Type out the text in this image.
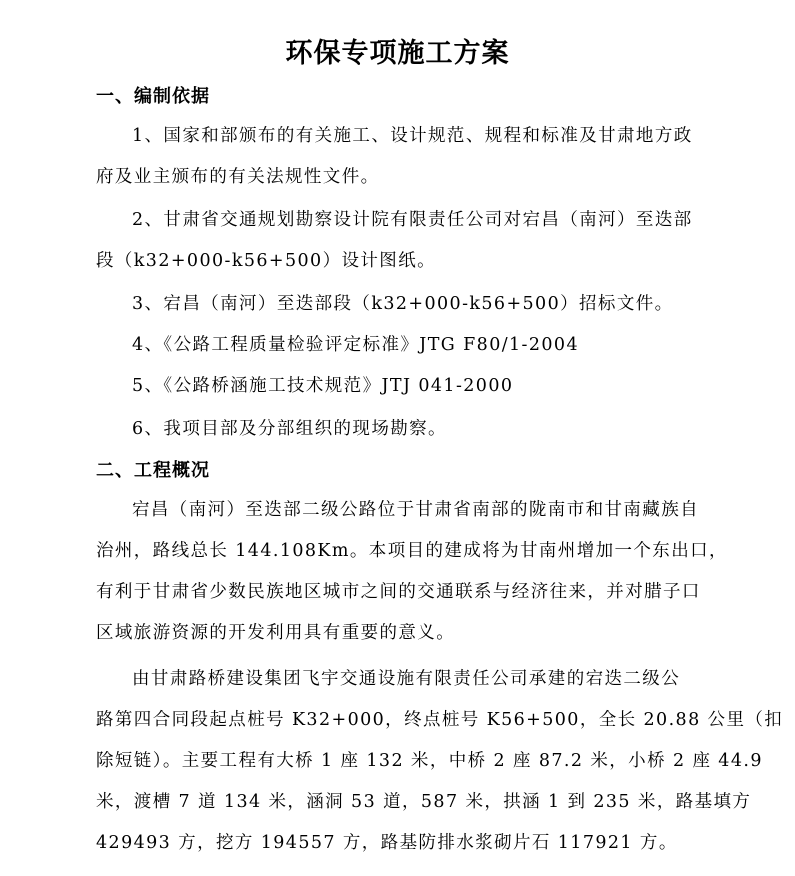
环保专项施工方案
一、编制依据
1、国家和部颁布的有关施工、设计规范、规程和标准及甘肃地方政
府及业主颁布的有关法规性文件。
2、甘肃省交通规划勘察设计院有限责任公司对宕昌（南河）至迭部
段（k32+000-k56+500）设计图纸。
3、宕昌（南河）至迭部段（k32+000-k56+500）招标文件。
4、《公路工程质量检验评定标准》JTG F80/1-2004
5、《公路桥涵施工技术规范》JTJ 041-2000
6、我项目部及分部组织的现场勘察。
二、工程概况
宕昌（南河）至迭部二级公路位于甘肃省南部的陇南市和甘南藏族自
治州，路线总长 144.108Km。本项目的建成将为甘南州增加一个东出口，
有利于甘肃省少数民族地区城市之间的交通联系与经济往来，并对腊子口
区域旅游资源的开发利用具有重要的意义。
由甘肃路桥建设集团飞宇交通设施有限责任公司承建的宕迭二级公
路第四合同段起点桩号 K32+000，终点桩号 K56+500，全长 20.88 公里（扣
除短链）。主要工程有大桥 1 座 132 米，中桥 2 座 87.2 米，小桥 2 座 44.9
米，渡槽 7 道 134 米，涵洞 53 道，587 米，拱涵 1 到 235 米，路基填方
429493 方，挖方 194557 方，路基防排水浆砌片石 117921 方。
